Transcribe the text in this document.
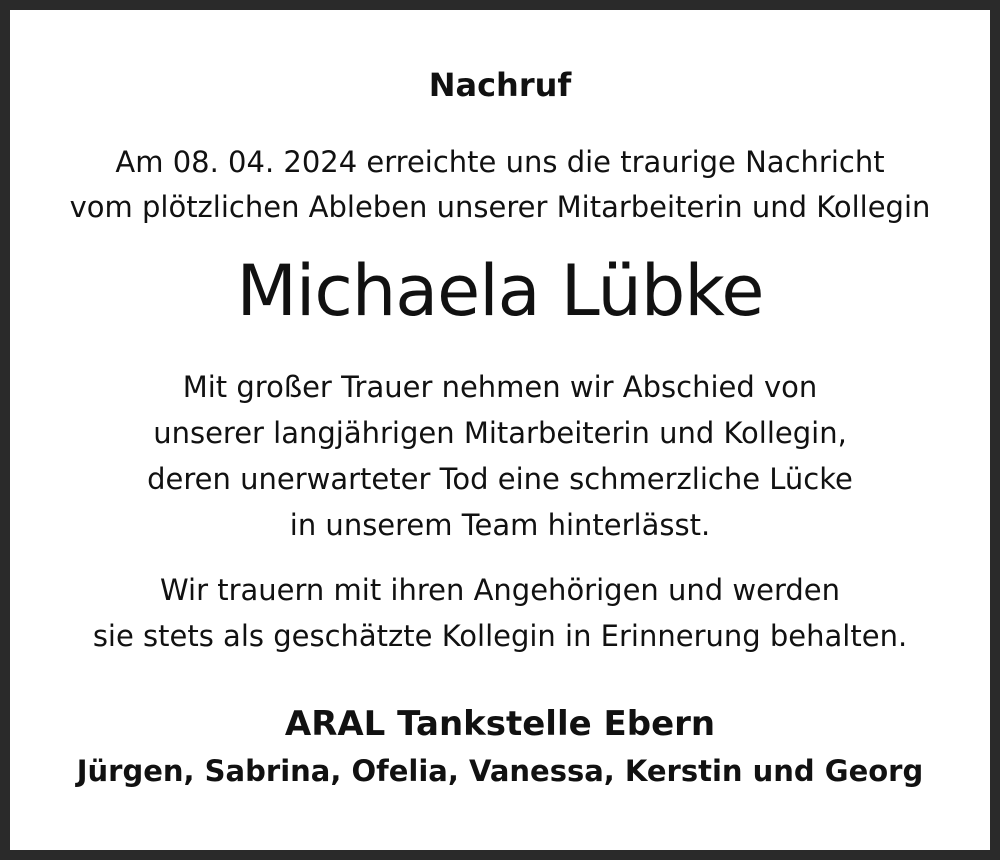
Nachruf
Am 08. 04. 2024 erreichte uns die traurige Nachricht
vom plötzlichen Ableben unserer Mitarbeiterin und Kollegin
Michaela Lübke
Mit großer Trauer nehmen wir Abschied von
unserer langjährigen Mitarbeiterin und Kollegin,
deren unerwarteter Tod eine schmerzliche Lücke
in unserem Team hinterlässt.
Wir trauern mit ihren Angehörigen und werden
sie stets als geschätzte Kollegin in Erinnerung behalten.
ARAL Tankstelle Ebern
Jürgen, Sabrina, Ofelia, Vanessa, Kerstin und Georg
